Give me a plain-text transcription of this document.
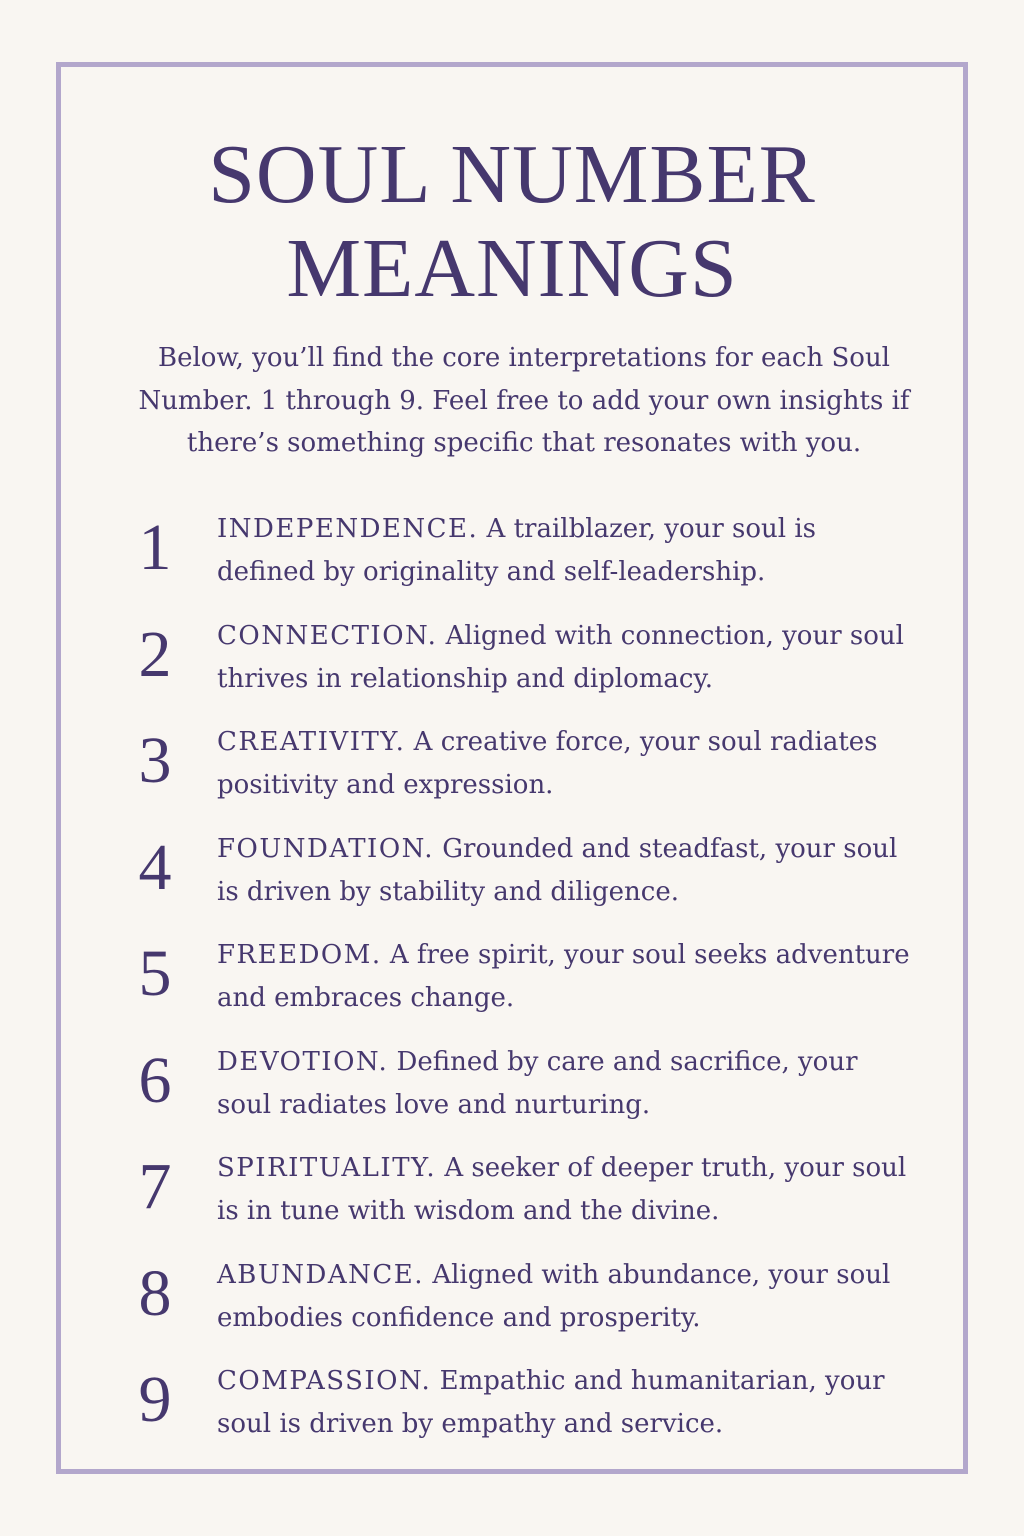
SOUL NUMBER
MEANINGS

Below, you’ll find the core interpretations for each Soul Number. 1 through 9. Feel free to add your own insights if there’s something specific that resonates with you.

1	INDEPENDENCE. A trailblazer, your soul is defined by originality and self-leadership.
2	CONNECTION. Aligned with connection, your soul thrives in relationship and diplomacy.
3	CREATIVITY. A creative force, your soul radiates positivity and expression.
4	FOUNDATION. Grounded and steadfast, your soul is driven by stability and diligence.
5	FREEDOM. A free spirit, your soul seeks adventure and embraces change.
6	DEVOTION. Defined by care and sacrifice, your soul radiates love and nurturing.
7	SPIRITUALITY. A seeker of deeper truth, your soul is in tune with wisdom and the divine.
8	ABUNDANCE. Aligned with abundance, your soul embodies confidence and prosperity.
9	COMPASSION. Empathic and humanitarian, your soul is driven by empathy and service.
